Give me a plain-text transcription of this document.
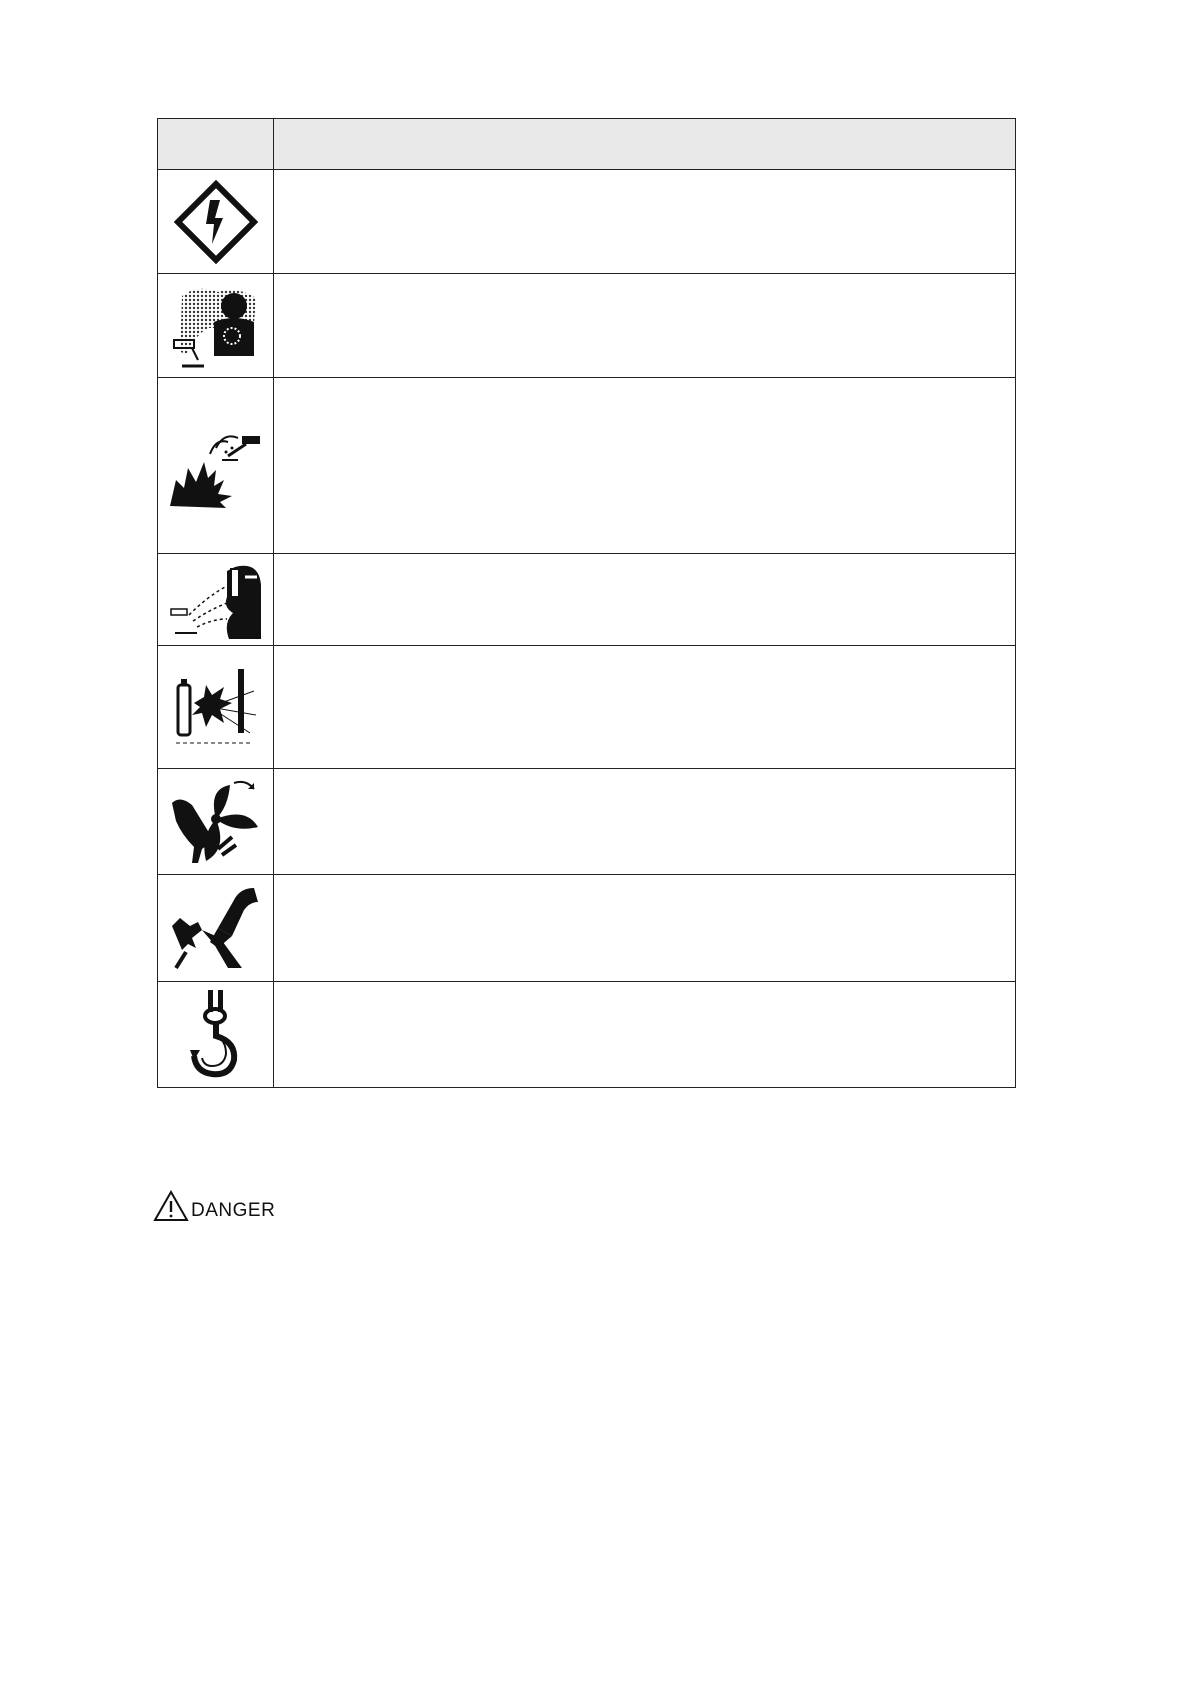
DANGER
